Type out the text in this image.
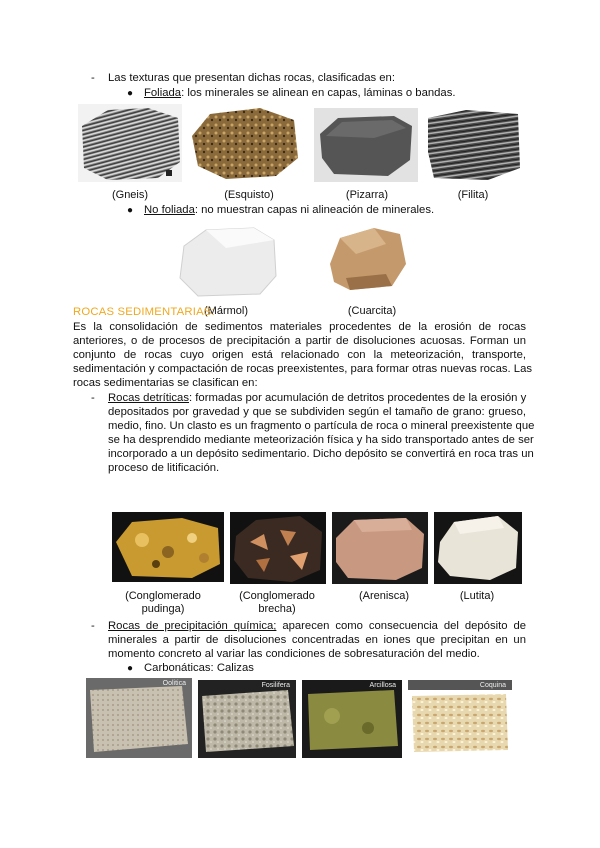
- Las texturas que presentan dichas rocas, clasificadas en:
● Foliada: los minerales se alinean en capas, láminas o bandas.
(Gneis)	(Esquisto)	(Pizarra)	(Filita)
● No foliada: no muestran capas ni alineación de minerales.
(Mármol)	(Cuarcita)
ROCAS SEDIMENTARIAS:
Es la consolidación de sedimentos materiales procedentes de la erosión de rocas
anteriores, o de procesos de precipitación a partir de disoluciones acuosas. Forman un
conjunto de rocas cuyo origen está relacionado con la meteorización, transporte,
sedimentación y compactación de rocas preexistentes, para formar otras nuevas rocas. Las
rocas sedimentarias se clasifican en:
- Rocas detríticas: formadas por acumulación de detritos procedentes de la erosión y
depositados por gravedad y que se subdividen según el tamaño de grano: grueso,
medio, fino. Un clasto es un fragmento o partícula de roca o mineral preexistente que
se ha desprendido mediante meteorización física y ha sido transportado antes de ser
incorporado a un depósito sedimentario. Dicho depósito se convertirá en roca tras un
proceso de litificación.
(Conglomerado
pudinga)
(Conglomerado
brecha)
(Arenisca)	(Lutita)
- Rocas de precipitación química; aparecen como consecuencia del depósito de
minerales a partir de disoluciones concentradas en iones que precipitan en un
momento concreto al variar las condiciones de sobresaturación del medio.
● Carbonáticas: Calizas
Oolitica	Fosilifera	Arcillosa	Coquina
